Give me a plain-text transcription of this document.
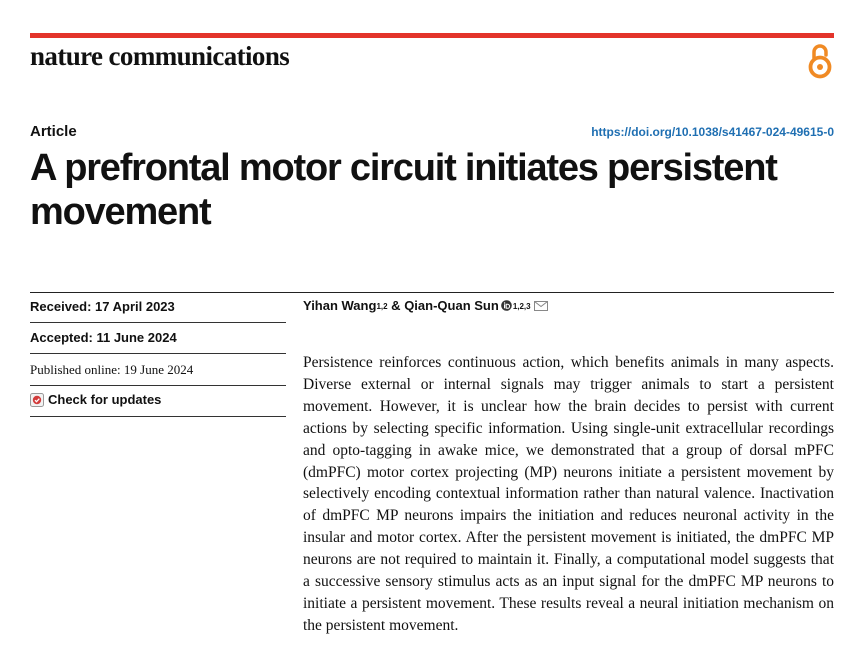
nature communications
Article	https://doi.org/10.1038/s41467-024-49615-0
A prefrontal motor circuit initiates persistent movement
Received: 17 April 2023
Accepted: 11 June 2024
Published online: 19 June 2024
Check for updates
Yihan Wang$^{1,2}$ & Qian-Quan Sun $^{1,2,3}$

Persistence reinforces continuous action, which benefits animals in many aspects. Diverse external or internal signals may trigger animals to start a persistent movement. However, it is unclear how the brain decides to persist with current actions by selecting specific information. Using single-unit extracellular recordings and opto-tagging in awake mice, we demonstrated that a group of dorsal mPFC (dmPFC) motor cortex projecting (MP) neurons initiate a persistent movement by selectively encoding contextual information rather than natural valence. Inactivation of dmPFC MP neurons impairs the initiation and reduces neuronal activity in the insular and motor cortex. After the persistent movement is initiated, the dmPFC MP neurons are not required to maintain it. Finally, a computational model suggests that a successive sensory stimulus acts as an input signal for the dmPFC MP neurons to initiate a persistent movement. These results reveal a neural initiation mechanism on the persistent movement.
